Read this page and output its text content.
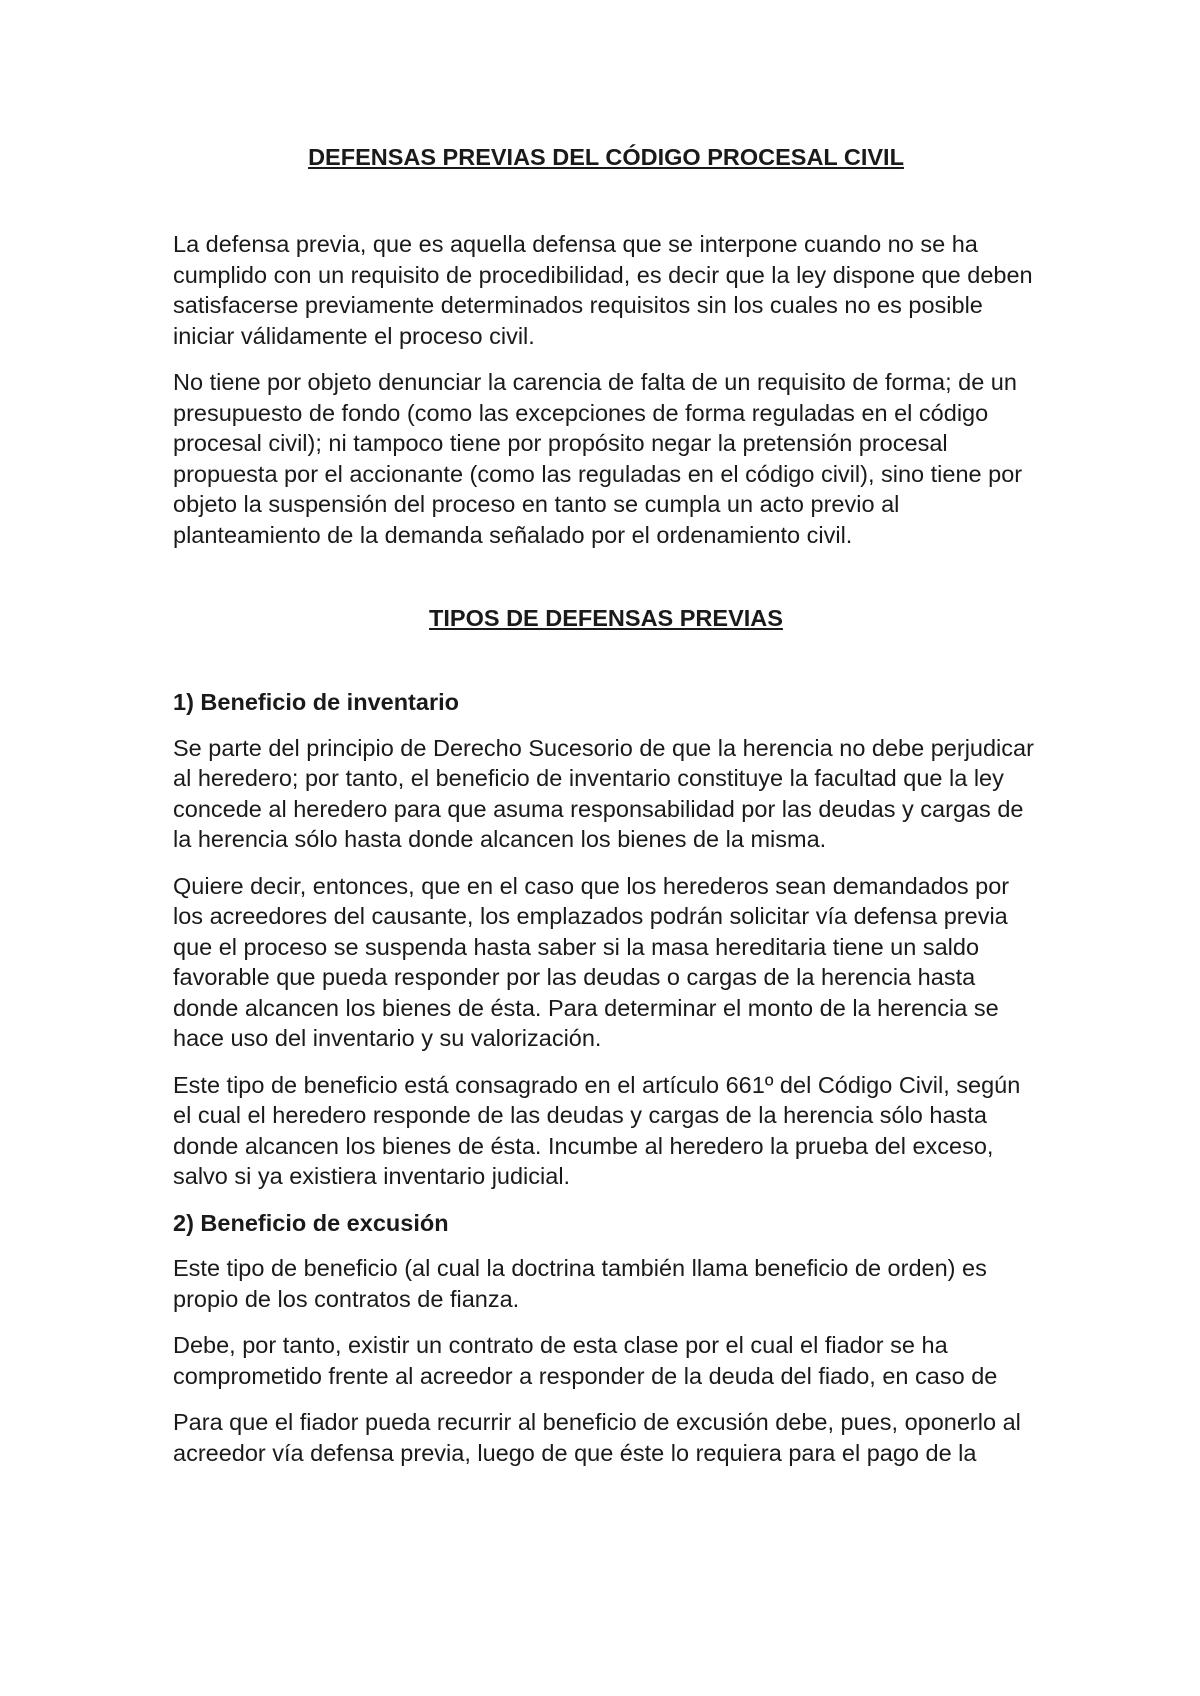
DEFENSAS PREVIAS DEL CÓDIGO PROCESAL CIVIL

La defensa previa, que es aquella defensa que se interpone cuando no se ha cumplido con un requisito de procedibilidad, es decir que la ley dispone que deben satisfacerse previamente determinados requisitos sin los cuales no es posible iniciar válidamente el proceso civil.

No tiene por objeto denunciar la carencia de falta de un requisito de forma; de un presupuesto de fondo (como las excepciones de forma reguladas en el código procesal civil); ni tampoco tiene por propósito negar la pretensión procesal propuesta por el accionante (como las reguladas en el código civil), sino tiene por objeto la suspensión del proceso en tanto se cumpla un acto previo al planteamiento de la demanda señalado por el ordenamiento civil.

TIPOS DE DEFENSAS PREVIAS
1) Beneficio de inventario

Se parte del principio de Derecho Sucesorio de que la herencia no debe perjudicar al heredero; por tanto, el beneficio de inventario constituye la facultad que la ley concede al heredero para que asuma responsabilidad por las deudas y cargas de la herencia sólo hasta donde alcancen los bienes de la misma.

Quiere decir, entonces, que en el caso que los herederos sean demandados por los acreedores del causante, los emplazados podrán solicitar vía defensa previa que el proceso se suspenda hasta saber si la masa hereditaria tiene un saldo favorable que pueda responder por las deudas o cargas de la herencia hasta donde alcancen los bienes de ésta. Para determinar el monto de la herencia se hace uso del inventario y su valorización.

Este tipo de beneficio está consagrado en el artículo 661º del Código Civil, según el cual el heredero responde de las deudas y cargas de la herencia sólo hasta donde alcancen los bienes de ésta. Incumbe al heredero la prueba del exceso, salvo si ya existiera inventario judicial.

2) Beneficio de excusión

Este tipo de beneficio (al cual la doctrina también llama beneficio de orden) es propio de los contratos de fianza.

Debe, por tanto, existir un contrato de esta clase por el cual el fiador se ha comprometido frente al acreedor a responder de la deuda del fiado, en caso de

Para que el fiador pueda recurrir al beneficio de excusión debe, pues, oponerlo al acreedor vía defensa previa, luego de que éste lo requiera para el pago de la
